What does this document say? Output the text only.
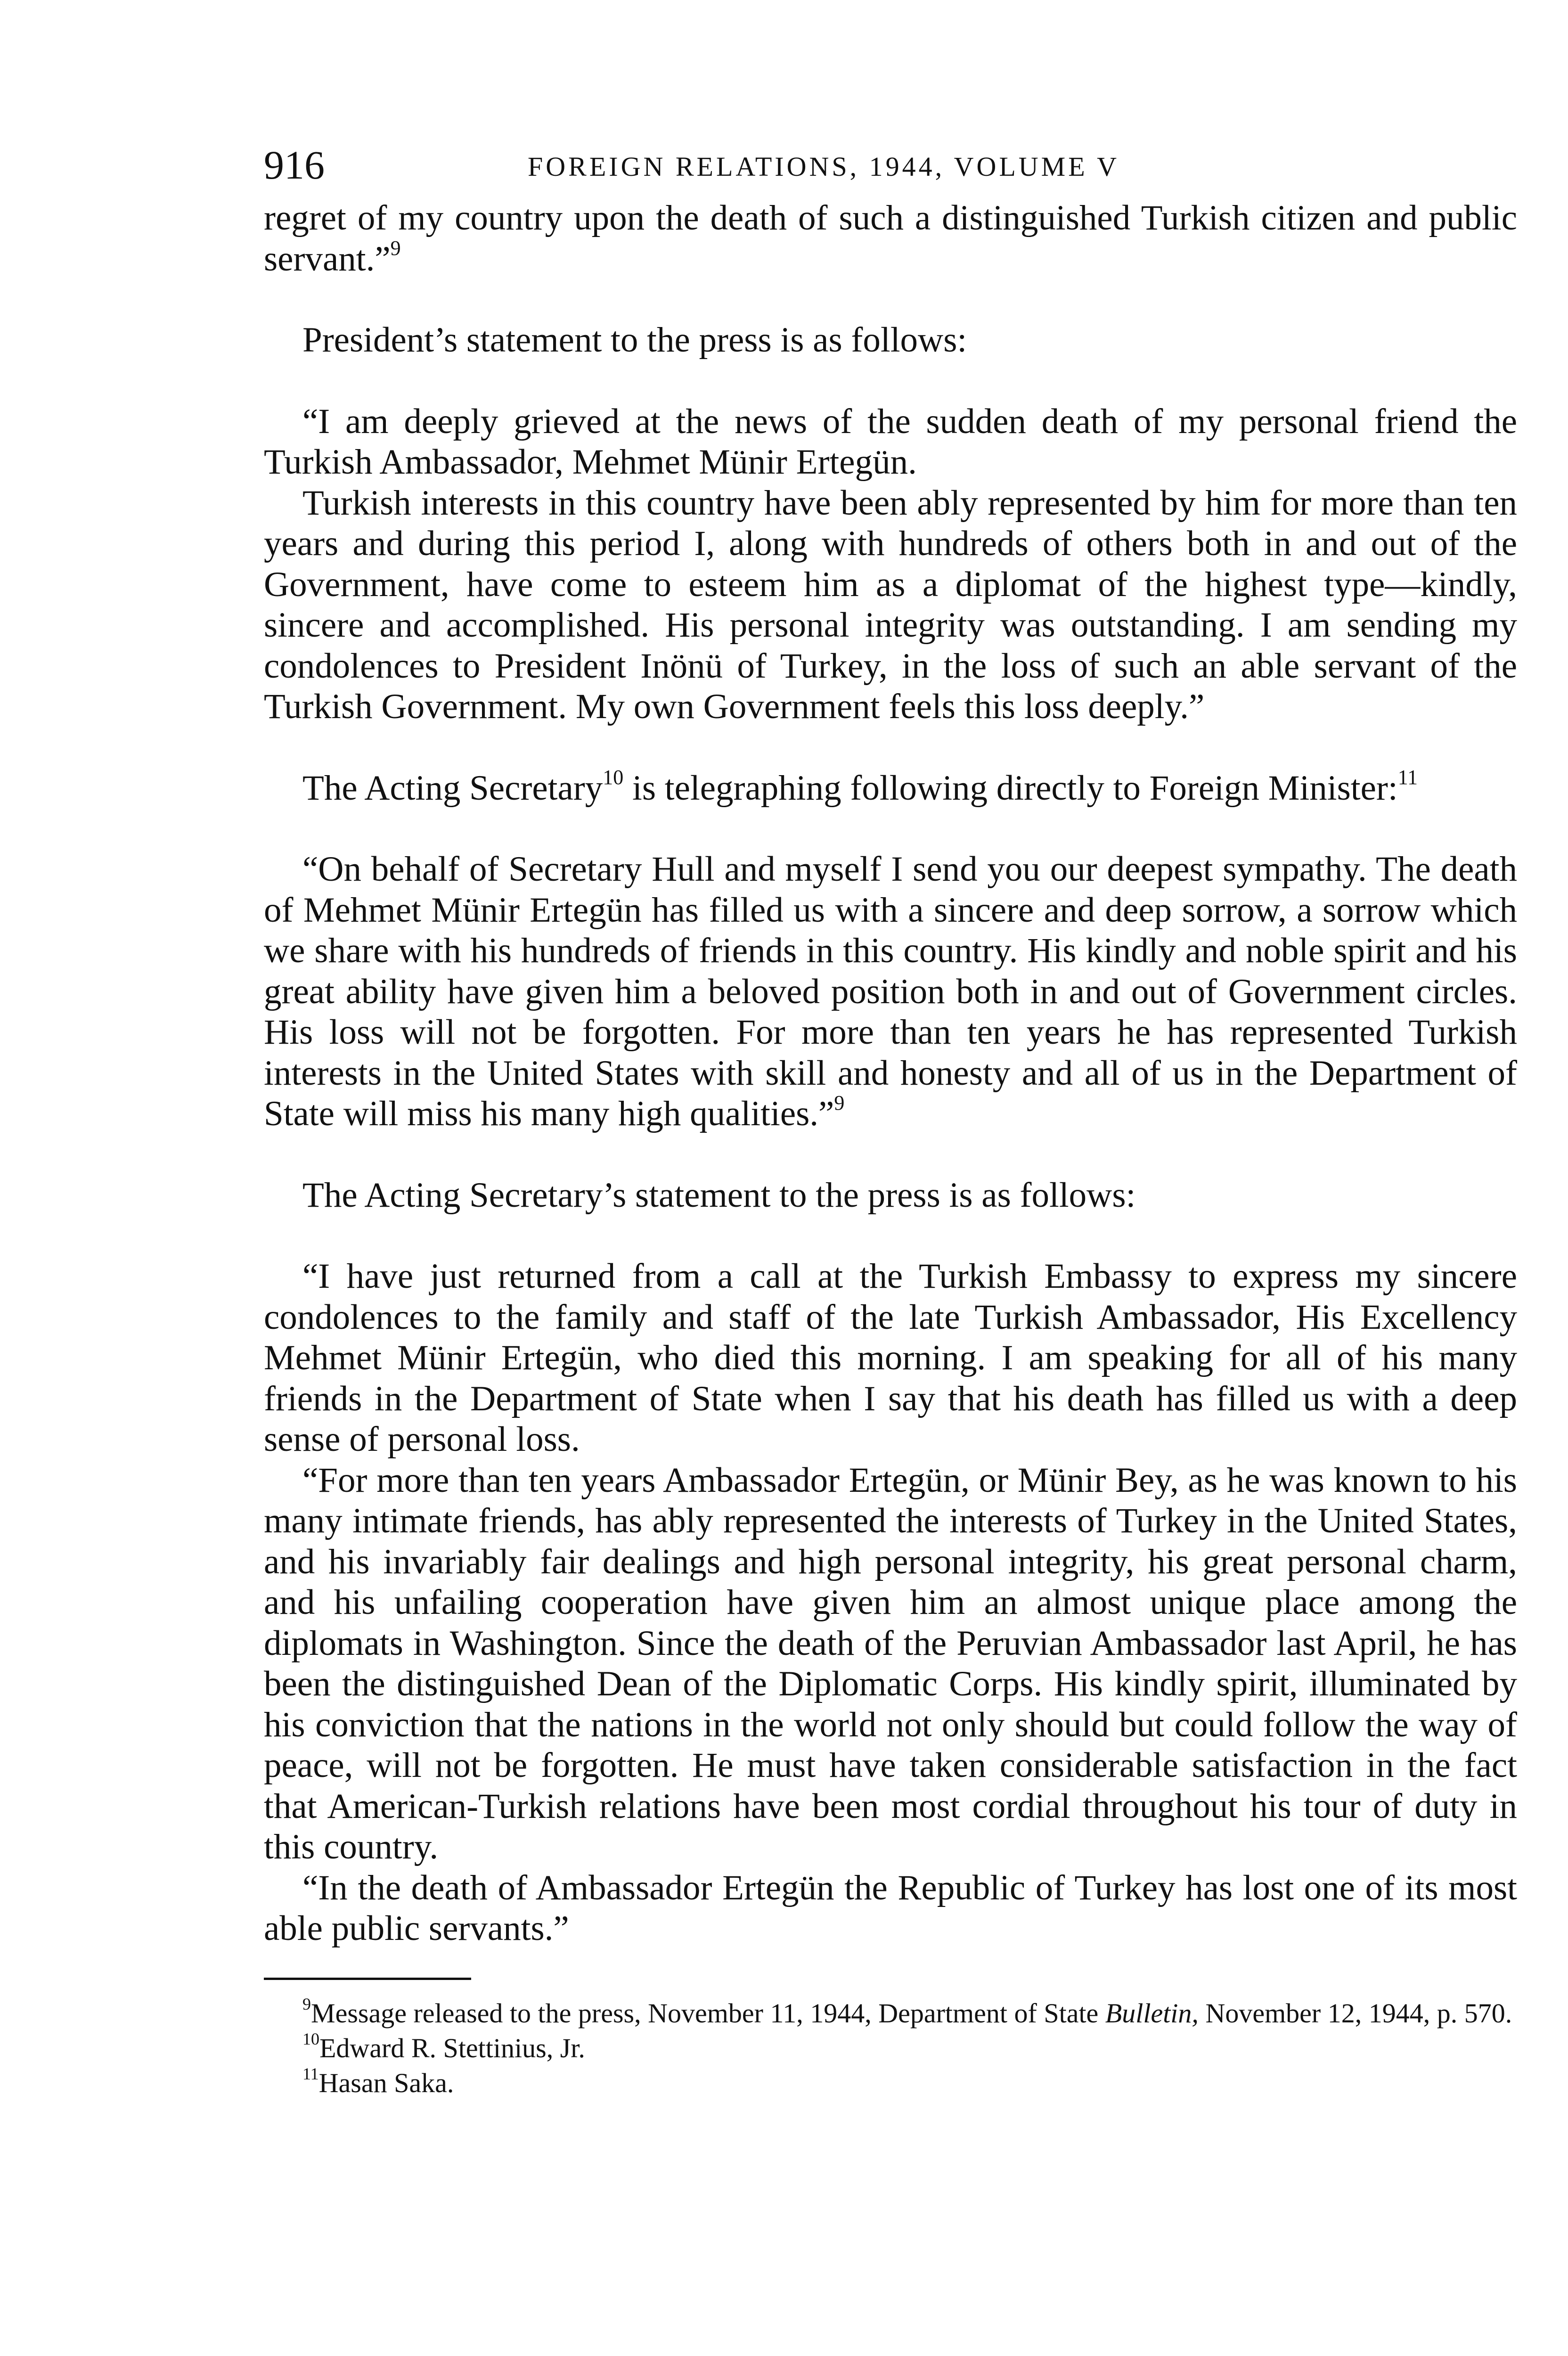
916	FOREIGN RELATIONS, 1944, VOLUME V

regret of my country upon the death of such a distinguished Turkish citizen and public servant.”$^9$

President’s statement to the press is as follows:

“I am deeply grieved at the news of the sudden death of my personal friend the Turkish Ambassador, Mehmet Münir Ertegün.

Turkish interests in this country have been ably represented by him for more than ten years and during this period I, along with hundreds of others both in and out of the Government, have come to esteem him as a diplomat of the highest type—kindly, sincere and accomplished. His personal integrity was outstanding. I am sending my condolences to President Inönü of Turkey, in the loss of such an able servant of the Turkish Government. My own Government feels this loss deeply.”

The Acting Secretary$^{10}$ is telegraphing following directly to Foreign Minister:$^{11}$

“On behalf of Secretary Hull and myself I send you our deepest sympathy. The death of Mehmet Münir Ertegün has filled us with a sincere and deep sorrow, a sorrow which we share with his hundreds of friends in this country. His kindly and noble spirit and his great ability have given him a beloved position both in and out of Government circles. His loss will not be forgotten. For more than ten years he has represented Turkish interests in the United States with skill and honesty and all of us in the Department of State will miss his many high qualities.”$^9$

The Acting Secretary’s statement to the press is as follows:

“I have just returned from a call at the Turkish Embassy to express my sincere condolences to the family and staff of the late Turkish Ambassador, His Excellency Mehmet Münir Ertegün, who died this morning. I am speaking for all of his many friends in the Department of State when I say that his death has filled us with a deep sense of personal loss.

“For more than ten years Ambassador Ertegün, or Münir Bey, as he was known to his many intimate friends, has ably represented the interests of Turkey in the United States, and his invariably fair dealings and high personal integrity, his great personal charm, and his unfailing cooperation have given him an almost unique place among the diplomats in Washington. Since the death of the Peruvian Ambassador last April, he has been the distinguished Dean of the Diplomatic Corps. His kindly spirit, illuminated by his conviction that the nations in the world not only should but could follow the way of peace, will not be forgotten. He must have taken considerable satisfaction in the fact that American-Turkish relations have been most cordial throughout his tour of duty in this country.

“In the death of Ambassador Ertegün the Republic of Turkey has lost one of its most able public servants.”

$^9$Message released to the press, November 11, 1944, Department of State Bulletin, November 12, 1944, p. 570.

$^{10}$Edward R. Stettinius, Jr.

$^{11}$Hasan Saka.
